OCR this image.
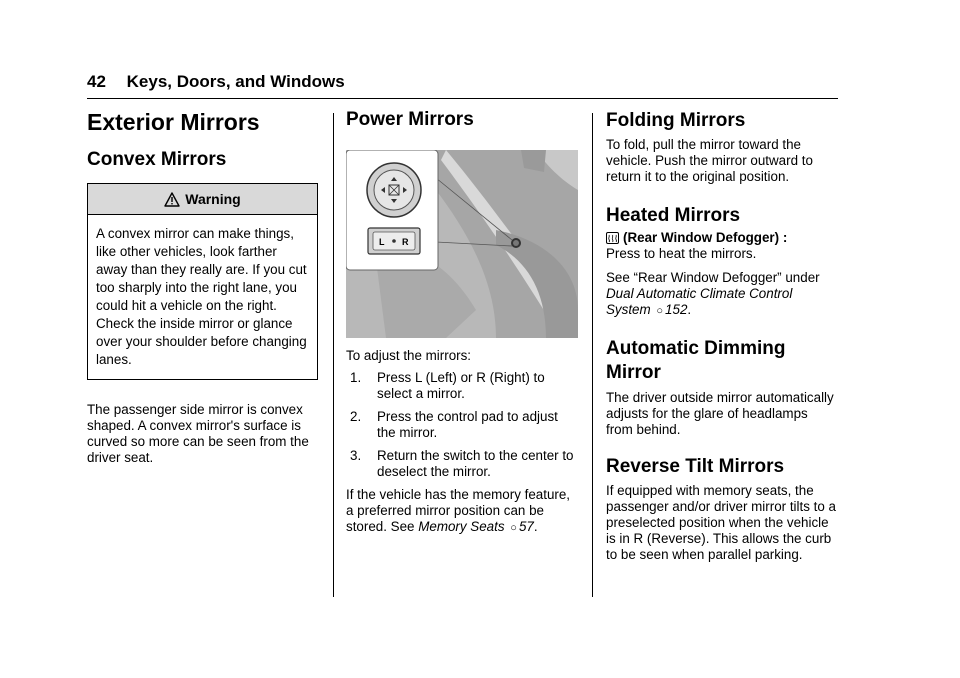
42 Keys, Doors, and Windows
Exterior Mirrors
Convex Mirrors
Warning
A convex mirror can make things, like other vehicles, look farther away than they really are. If you cut too sharply into the right lane, you could hit a vehicle on the right. Check the inside mirror or glance over your shoulder before changing lanes.

The passenger side mirror is convex shaped. A convex mirror's surface is curved so more can be seen from the driver seat.

Power Mirrors
L R

To adjust the mirrors:

1. Press L (Left) or R (Right) to select a mirror.
2. Press the control pad to adjust the mirror.
3. Return the switch to the center to deselect the mirror.

If the vehicle has the memory feature, a preferred mirror position can be stored. See Memory Seats ○ 57.

Folding Mirrors

To fold, pull the mirror toward the vehicle. Push the mirror outward to return it to the original position.

Heated Mirrors
(Rear Window Defogger) :

Press to heat the mirrors.

See “Rear Window Defogger” under Dual Automatic Climate Control System ○ 152.

Automatic Dimming Mirror

The driver outside mirror automatically adjusts for the glare of headlamps from behind.

Reverse Tilt Mirrors

If equipped with memory seats, the passenger and/or driver mirror tilts to a preselected position when the vehicle is in R (Reverse). This allows the curb to be seen when parallel parking.
